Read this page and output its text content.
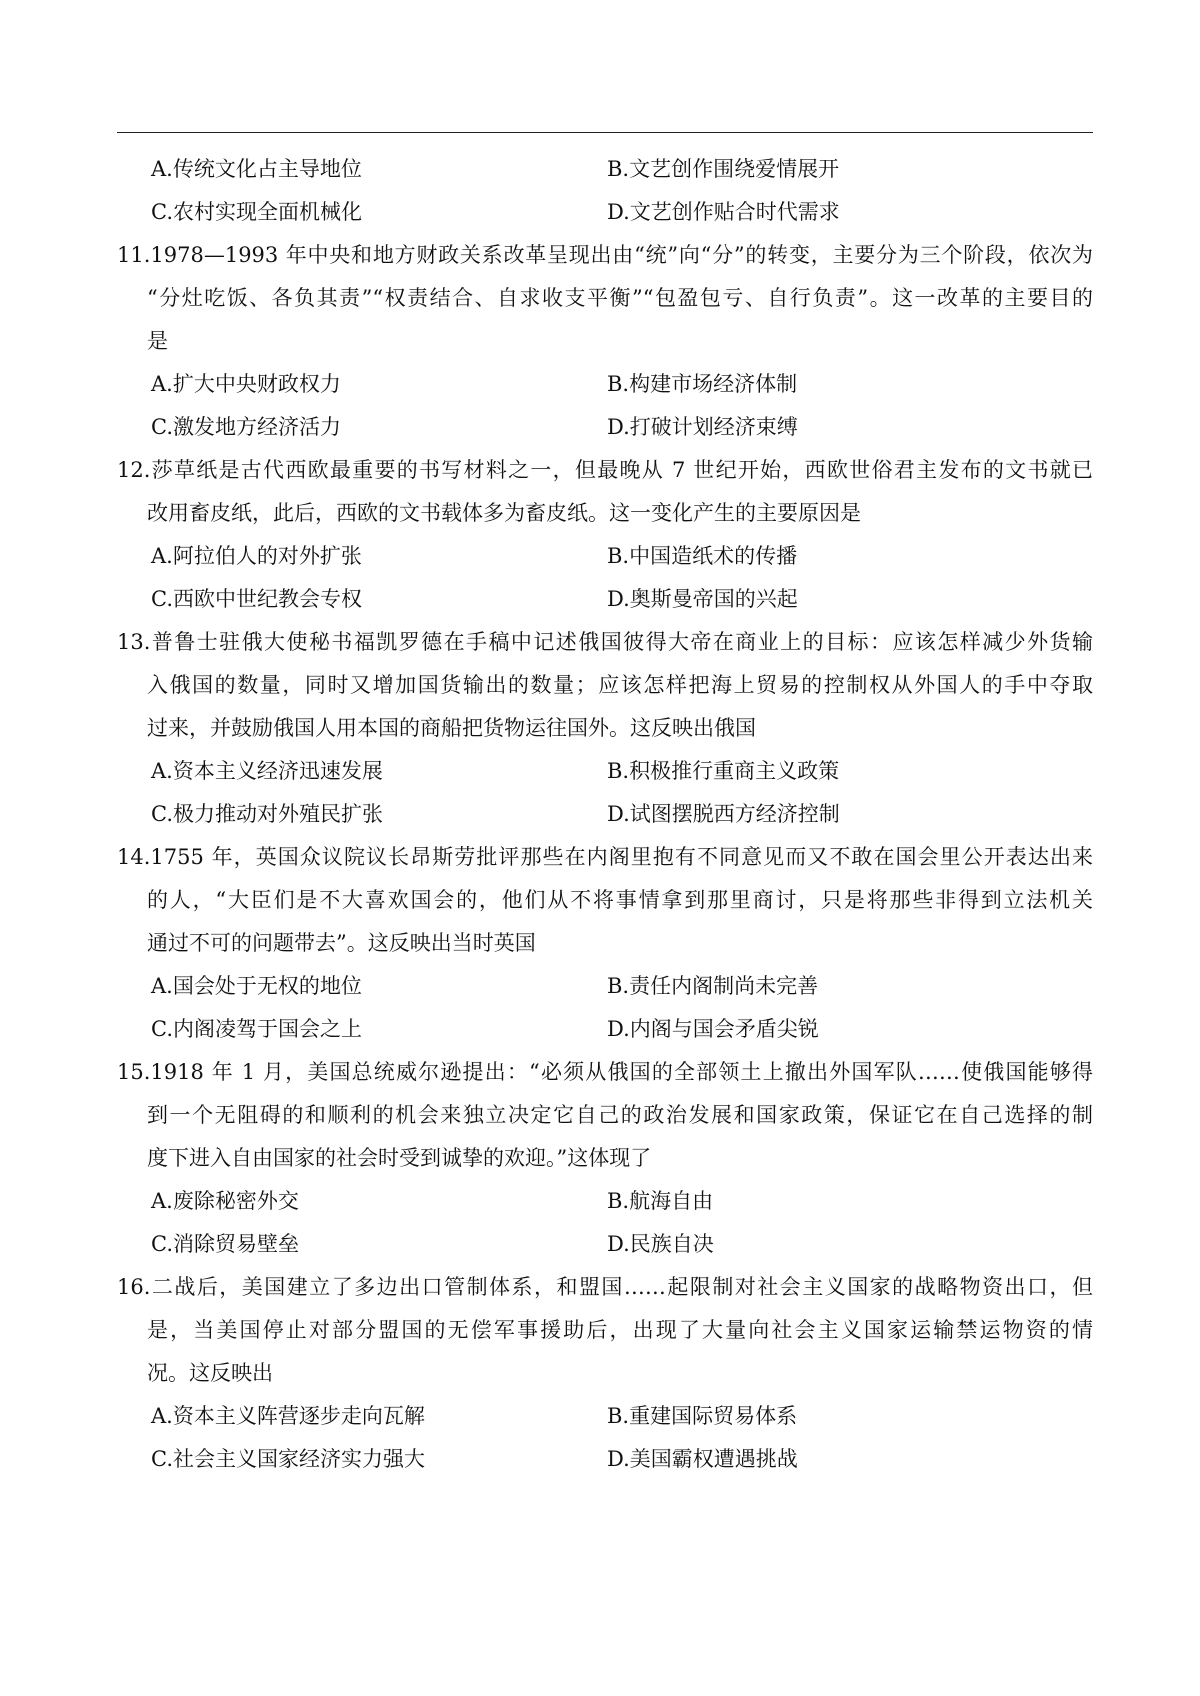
A.传统文化占主导地位	B.文艺创作围绕爱情展开
C.农村实现全面机械化	D.文艺创作贴合时代需求
11.1978—1993 年中央和地方财政关系改革呈现出由“统”向“分”的转变，主要分为三个阶段，依次为
“分灶吃饭、各负其责”“权责结合、自求收支平衡”“包盈包亏、自行负责”。这一改革的主要目的
是
A.扩大中央财政权力	B.构建市场经济体制
C.激发地方经济活力	D.打破计划经济束缚
12.莎草纸是古代西欧最重要的书写材料之一，但最晚从 7 世纪开始，西欧世俗君主发布的文书就已
改用畜皮纸，此后，西欧的文书载体多为畜皮纸。这一变化产生的主要原因是
A.阿拉伯人的对外扩张	B.中国造纸术的传播
C.西欧中世纪教会专权	D.奥斯曼帝国的兴起
13.普鲁士驻俄大使秘书福凯罗德在手稿中记述俄国彼得大帝在商业上的目标：应该怎样减少外货输
入俄国的数量，同时又增加国货输出的数量；应该怎样把海上贸易的控制权从外国人的手中夺取
过来，并鼓励俄国人用本国的商船把货物运往国外。这反映出俄国
A.资本主义经济迅速发展	B.积极推行重商主义政策
C.极力推动对外殖民扩张	D.试图摆脱西方经济控制
14.1755 年，英国众议院议长昂斯劳批评那些在内阁里抱有不同意见而又不敢在国会里公开表达出来
的人，“大臣们是不大喜欢国会的，他们从不将事情拿到那里商讨，只是将那些非得到立法机关
通过不可的问题带去”。这反映出当时英国
A.国会处于无权的地位	B.责任内阁制尚未完善
C.内阁凌驾于国会之上	D.内阁与国会矛盾尖锐
15.1918 年 1 月，美国总统威尔逊提出：“必须从俄国的全部领土上撤出外国军队……使俄国能够得
到一个无阻碍的和顺利的机会来独立决定它自己的政治发展和国家政策，保证它在自己选择的制
度下进入自由国家的社会时受到诚挚的欢迎。”这体现了
A.废除秘密外交	B.航海自由
C.消除贸易壁垒	D.民族自决
16.二战后，美国建立了多边出口管制体系，和盟国……起限制对社会主义国家的战略物资出口，但
是，当美国停止对部分盟国的无偿军事援助后，出现了大量向社会主义国家运输禁运物资的情
况。这反映出
A.资本主义阵营逐步走向瓦解	B.重建国际贸易体系
C.社会主义国家经济实力强大	D.美国霸权遭遇挑战
